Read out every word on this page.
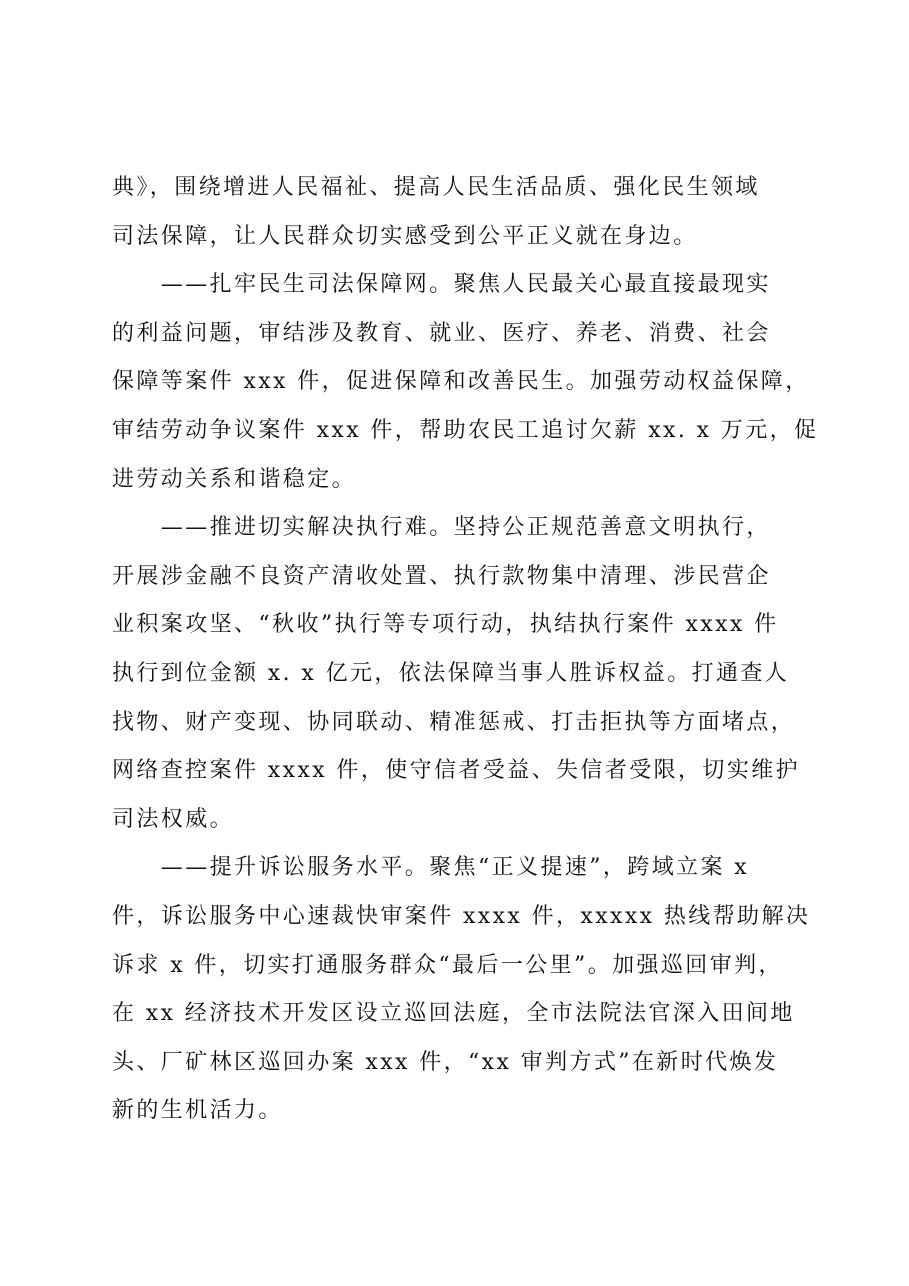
典》，围绕增进人民福祉、提高人民生活品质、强化民生领域
司法保障，让人民群众切实感受到公平正义就在身边。
　　——扎牢民生司法保障网。聚焦人民最关心最直接最现实
的利益问题，审结涉及教育、就业、医疗、养老、消费、社会
保障等案件 xxx 件，促进保障和改善民生。加强劳动权益保障，
审结劳动争议案件 xxx 件，帮助农民工追讨欠薪 xx. x 万元，促
进劳动关系和谐稳定。
　　——推进切实解决执行难。坚持公正规范善意文明执行，
开展涉金融不良资产清收处置、执行款物集中清理、涉民营企
业积案攻坚、“秋收”执行等专项行动，执结执行案件 xxxx 件
执行到位金额 x. x 亿元，依法保障当事人胜诉权益。打通查人
找物、财产变现、协同联动、精准惩戒、打击拒执等方面堵点，
网络查控案件 xxxx 件，使守信者受益、失信者受限，切实维护
司法权威。
　　——提升诉讼服务水平。聚焦“正义提速”，跨域立案 x
件，诉讼服务中心速裁快审案件 xxxx 件，xxxxx 热线帮助解决
诉求 x 件，切实打通服务群众“最后一公里”。加强巡回审判，
在 xx 经济技术开发区设立巡回法庭，全市法院法官深入田间地
头、厂矿林区巡回办案 xxx 件，“xx 审判方式”在新时代焕发
新的生机活力。
